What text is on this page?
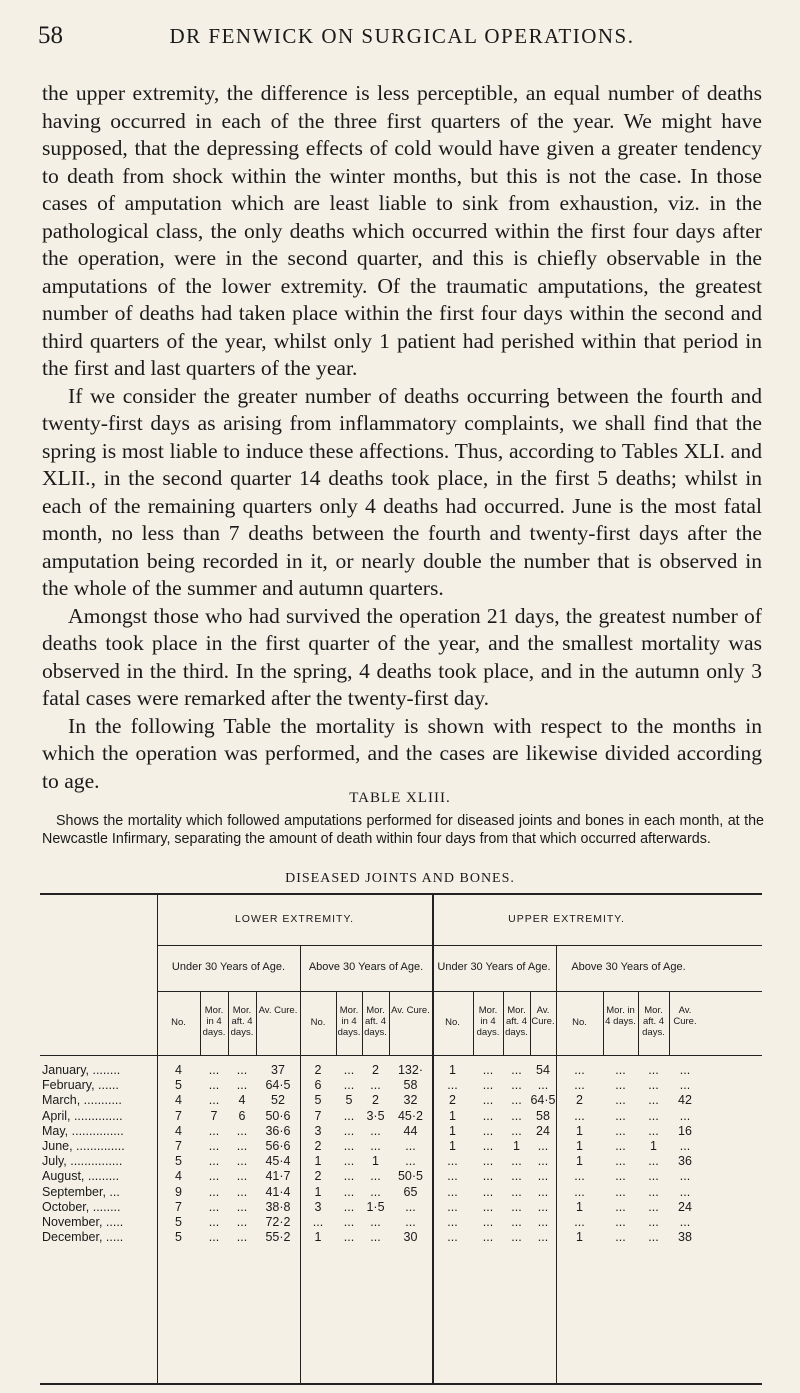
58	DR FENWICK ON SURGICAL OPERATIONS.

the upper extremity, the difference is less perceptible, an equal number of deaths having occurred in each of the three first quarters of the year. We might have supposed, that the depressing effects of cold would have given a greater tendency to death from shock within the winter months, but this is not the case. In those cases of amputation which are least liable to sink from exhaustion, viz. in the pathological class, the only deaths which occurred within the first four days after the operation, were in the second quarter, and this is chiefly observable in the amputations of the lower extremity. Of the traumatic amputations, the greatest number of deaths had taken place within the first four days within the second and third quarters of the year, whilst only 1 patient had perished within that period in the first and last quarters of the year.

If we consider the greater number of deaths occurring between the fourth and twenty-first days as arising from inflammatory complaints, we shall find that the spring is most liable to induce these affections. Thus, according to Tables XLI. and XLII., in the second quarter 14 deaths took place, in the first 5 deaths; whilst in each of the remaining quarters only 4 deaths had occurred. June is the most fatal month, no less than 7 deaths between the fourth and twenty-first days after the amputation being recorded in it, or nearly double the number that is observed in the whole of the summer and autumn quarters.

Amongst those who had survived the operation 21 days, the greatest number of deaths took place in the first quarter of the year, and the smallest mortality was observed in the third. In the spring, 4 deaths took place, and in the autumn only 3 fatal cases were remarked after the twenty-first day.

In the following Table the mortality is shown with respect to the months in which the operation was performed, and the cases are likewise divided according to age.

TABLE XLIII.
Shows the mortality which followed amputations performed for diseased joints and bones in each month, at the Newcastle Infirmary, separating the amount of death within four days from that which occurred afterwards.
DISEASED JOINTS AND BONES.
LOWER EXTREMITY.	UPPER EXTREMITY.
Under 30 Years of Age.	Above 30 Years of Age.	Under 30 Years of Age.	Above 30 Years of Age.
No.
Mor. in 4 days.
Mor. aft. 4 days.
Av. Cure.
No.
Mor. in 4 days.
Mor. aft. 4 days.
Av. Cure.
No.
Mor. in 4 days.
Mor. aft. 4 days.
Av. Cure.	No.
Mor. in 4 days.
Mor. aft. 4 days.
Av. Cure.
January, ........	4	...	...	37	2	...	2	132·	1	...	...	54	...	...	...	...
February, ......	5	...	...	64·5	6	...	...	58	...	...	...	...	...	...	...	...
March, ...........	4	...	4	52	5	5	2	32	2	...	... 64·5	2	...	...	42
April, ..............	7	7	6	50·6	7	... 3·5	45·2	1	...	...	58	...	...	...	...
May, ...............	4	...	...	36·6	3	...	...	44	1	...	...	24	1	...	...	16
June, ..............	7	...	...	56·6	2	...	...	...	1	...	1	...	1	...	1	...
July, ...............	5	...	...	45·4	1	...	1	...	...	...	...	...	1	...	...	36
August, .........	4	...	...	41·7	2	...	...	50·5	...	...	...	...	...	...	...	...
September, ...	9	...	...	41·4	1	...	...	65	...	...	...	...	...	...	...	...
October, ........	7	...	...	38·8	3	... 1·5	...	...	...	...	...	1	...	...	24
November, .....	5	...	...	72·2	...	...	...	...	...	...	...	...	...	...	...	...
December, .....	5	...	...	55·2	1	...	...	30	...	...	...	...	1	...	...	38
